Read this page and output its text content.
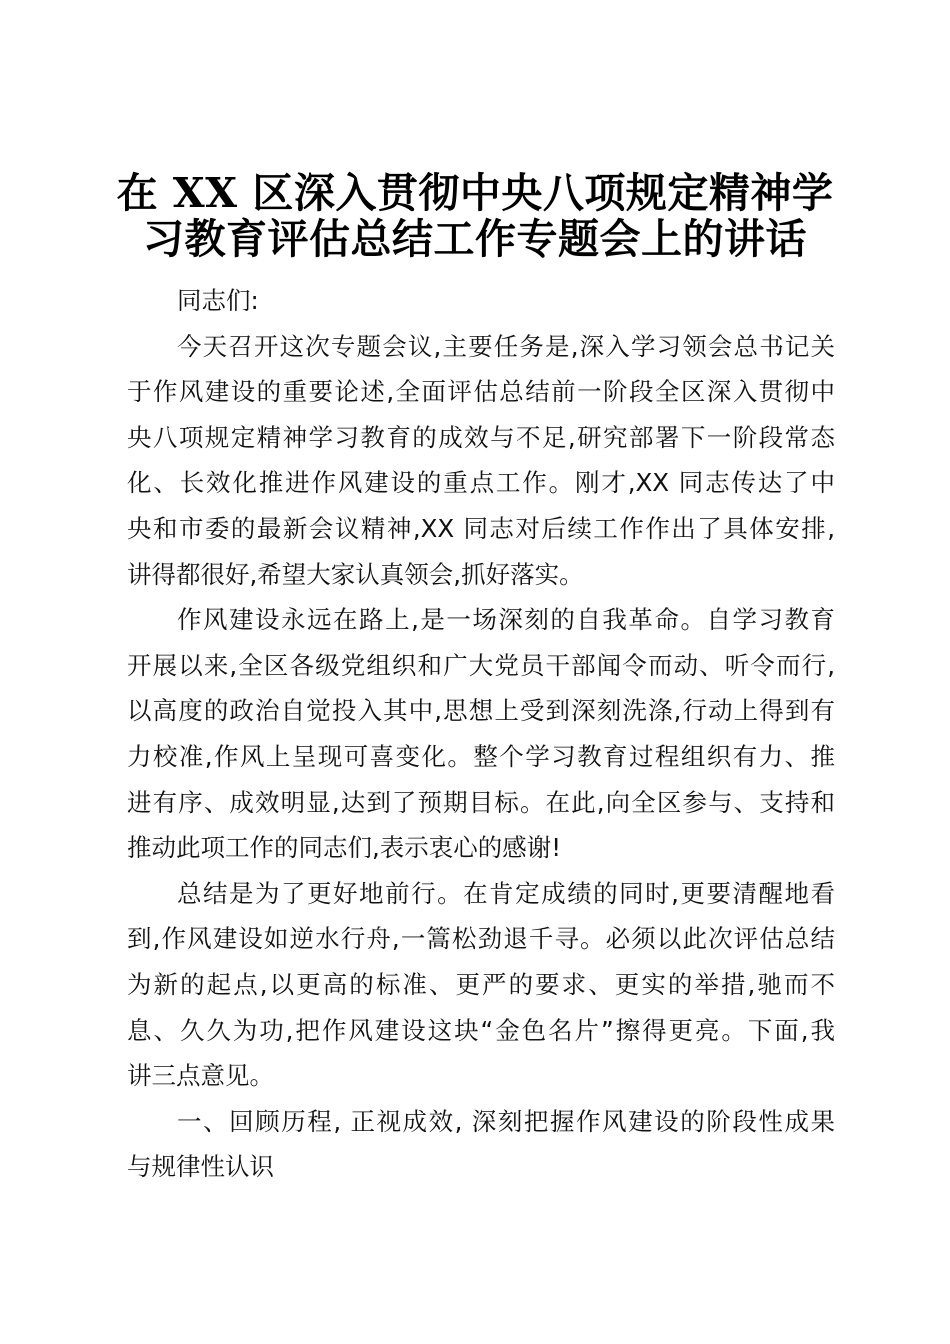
在 XX 区深入贯彻中央八项规定精神学
习教育评估总结工作专题会上的讲话
同志们:
今天召开这次专题会议,主要任务是,深入学习领会总书记关
于作风建设的重要论述,全面评估总结前一阶段全区深入贯彻中
央八项规定精神学习教育的成效与不足,研究部署下一阶段常态
化、长效化推进作风建设的重点工作。刚才,XX 同志传达了中
央和市委的最新会议精神,XX 同志对后续工作作出了具体安排,
讲得都很好,希望大家认真领会,抓好落实。
作风建设永远在路上,是一场深刻的自我革命。自学习教育
开展以来,全区各级党组织和广大党员干部闻令而动、听令而行,
以高度的政治自觉投入其中,思想上受到深刻洗涤,行动上得到有
力校准,作风上呈现可喜变化。整个学习教育过程组织有力、推
进有序、成效明显,达到了预期目标。在此,向全区参与、支持和
推动此项工作的同志们,表示衷心的感谢!
总结是为了更好地前行。在肯定成绩的同时,更要清醒地看
到,作风建设如逆水行舟,一篙松劲退千寻。必须以此次评估总结
为新的起点,以更高的标准、更严的要求、更实的举措,驰而不
息、久久为功,把作风建设这块“金色名片”擦得更亮。下面,我
讲三点意见。
一、回顾历程, 正视成效, 深刻把握作风建设的阶段性成果
与规律性认识
